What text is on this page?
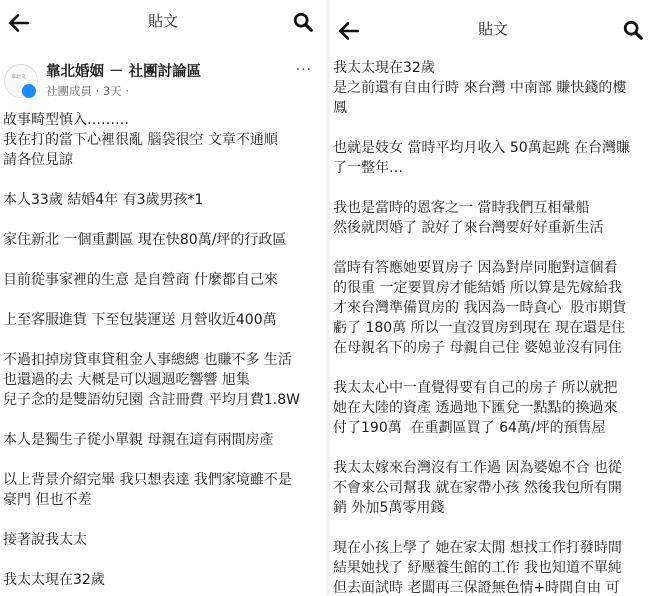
貼文
靠北文	靠北婚姻 － 社團討論區
社團成員 · 3天 ·
···
故事畸型慎入………
我在打的當下心裡很亂 腦袋很空 文章不通順
請各位見諒
本人33歲 結婚4年 有3歲男孩*1
家住新北 一個重劃區 現在快80萬/坪的行政區
目前從事家裡的生意 是自營商 什麼都自己來
上至客服進貨 下至包裝運送 月營收近400萬
不過扣掉房貸車貸租金人事總總 也賺不多 生活
也還過的去 大概是可以週週吃響響 旭集
兒子念的是雙語幼兒園 含註冊費 平均月費1.8W
本人是獨生子從小單親 母親在這有兩間房產
以上背景介紹完畢 我只想表達 我們家境雖不是
豪門 但也不差
接著說我太太
我太太現在32歲
貼文
我太太現在32歲
是之前還有自由行時 來台灣 中南部 賺快錢的樓
鳳
也就是妓女 當時平均月收入 50萬起跳 在台灣賺
了一整年…
我也是當時的恩客之一 當時我們互相暈船
然後就閃婚了 說好了來台灣要好好重新生活
當時有答應她要買房子 因為對岸同胞對這個看
的很重 一定要買房才能結婚 所以算是先嫁給我
才來台灣準備買房的 我因為一時貪心  股市期貨
虧了 180萬 所以一直沒買房到現在 現在還是住
在母親名下的房子 母親自己住 婆媳並沒有同住
我太太心中一直覺得要有自己的房子 所以就把
她在大陸的資產 透過地下匯兌一點點的換過來
付了190萬  在重劃區買了 64萬/坪的預售屋
我太太嫁來台灣沒有工作過 因為婆媳不合 也從
不會來公司幫我 就在家帶小孩 然後我包所有開
銷 外加5萬零用錢
現在小孩上學了 她在家太閒 想找工作打發時間
結果她找了 紓壓養生館的工作 我也知道不單純
但去面試時 老闆再三保證無色情+時間自由 可
